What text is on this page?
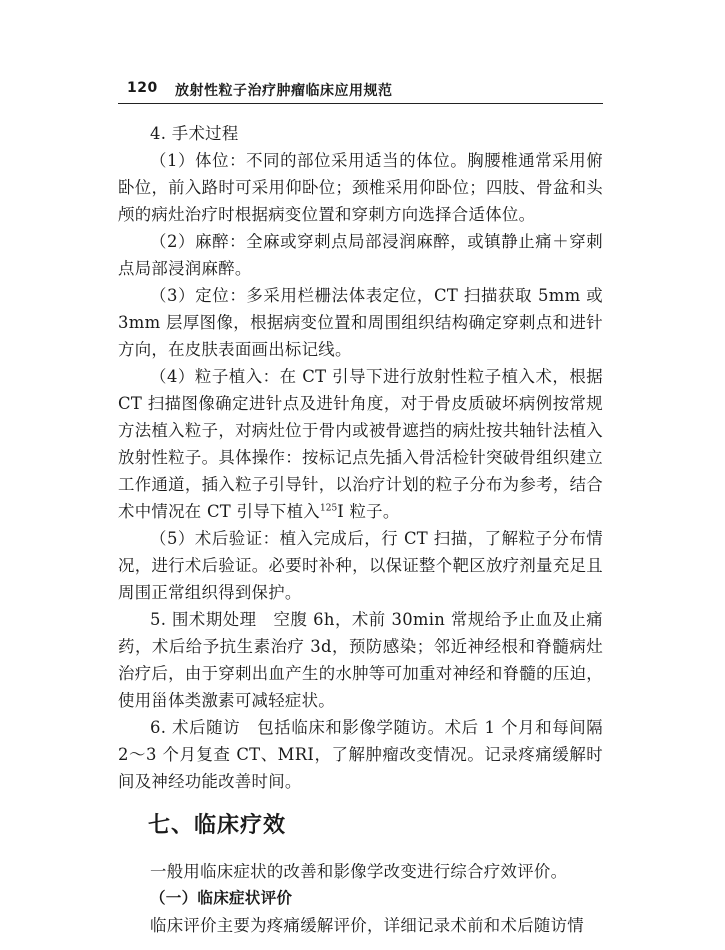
120 放射性粒子治疗肿瘤临床应用规范

4. 手术过程

（1）体位：不同的部位采用适当的体位。胸腰椎通常采用俯卧位，前入路时可采用仰卧位；颈椎采用仰卧位；四肢、骨盆和头颅的病灶治疗时根据病变位置和穿刺方向选择合适体位。

（2）麻醉：全麻或穿刺点局部浸润麻醉，或镇静止痛＋穿刺点局部浸润麻醉。

（3）定位：多采用栏栅法体表定位，CT 扫描获取 5mm 或 3mm 层厚图像，根据病变位置和周围组织结构确定穿刺点和进针方向，在皮肤表面画出标记线。

（4）粒子植入：在 CT 引导下进行放射性粒子植入术，根据 CT 扫描图像确定进针点及进针角度，对于骨皮质破坏病例按常规方法植入粒子，对病灶位于骨内或被骨遮挡的病灶按共轴针法植入放射性粒子。具体操作：按标记点先插入骨活检针突破骨组织建立工作通道，插入粒子引导针，以治疗计划的粒子分布为参考，结合术中情况在 CT 引导下植入$^{125}$I 粒子。

（5）术后验证：植入完成后，行 CT 扫描，了解粒子分布情况，进行术后验证。必要时补种，以保证整个靶区放疗剂量充足且周围正常组织得到保护。

5. 围术期处理　空腹 6h，术前 30min 常规给予止血及止痛药，术后给予抗生素治疗 3d，预防感染；邻近神经根和脊髓病灶治疗后，由于穿刺出血产生的水肿等可加重对神经和脊髓的压迫，使用甾体类激素可减轻症状。

6. 术后随访　包括临床和影像学随访。术后 1 个月和每间隔 2～3 个月复查 CT、MRI，了解肿瘤改变情况。记录疼痛缓解时间及神经功能改善时间。

七、临床疗效

一般用临床症状的改善和影像学改变进行综合疗效评价。

（一）临床症状评价

临床评价主要为疼痛缓解评价，详细记录术前和术后随访情
